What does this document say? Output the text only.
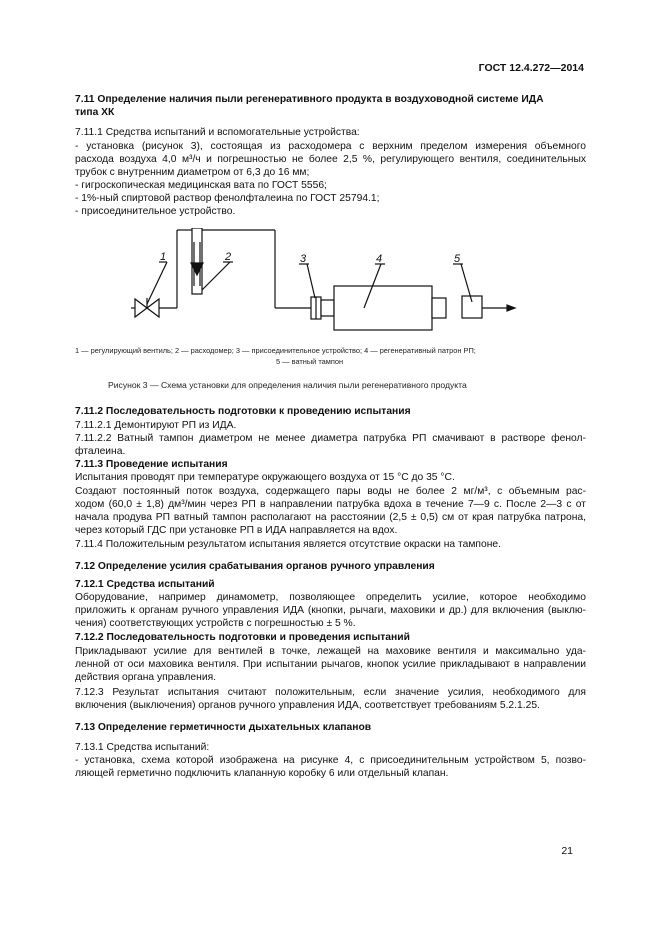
ГОСТ 12.4.272—2014
7.11 Определение наличия пыли регенеративного продукта в воздуховодной системе ИДА
типа ХК
7.11.1 Средства испытаний и вспомогательные устройства:
- установка (рисунок 3), состоящая из расходомера с верхним пределом измерения объемного
расхода воздуха 4,0 м³/ч и погрешностью не более 2,5 %, регулирующего вентиля, соединительных
трубок с внутренним диаметром от 6,3 до 16 мм;
- гигроскопическая медицинская вата по ГОСТ 5556;
- 1%-ный спиртовой раствор фенолфталеина по ГОСТ 25794.1;
- присоединительное устройство.
1	2	3	4	5
1 — регулирующий вентиль; 2 — расходомер; 3 — присоединительное устройство; 4 — регенеративный патрон РП;
5 — ватный тампон
Рисунок 3 — Схема установки для определения наличия пыли регенеративного продукта
7.11.2 Последовательность подготовки к проведению испытания
7.11.2.1 Демонтируют РП из ИДА.
7.11.2.2 Ватный тампон диаметром не менее диаметра патрубка РП смачивают в растворе фенол-
фталеина.
7.11.3 Проведение испытания
Испытания проводят при температуре окружающего воздуха от 15 °С до 35 °С.
Создают постоянный поток воздуха, содержащего пары воды не более 2 мг/м³, с объемным рас-
ходом (60,0 ± 1,8) дм³/мин через РП в направлении патрубка вдоха в течение 7—9 с. После 2—3 с от
начала продува РП ватный тампон располагают на расстоянии (2,5 ± 0,5) см от края патрубка патрона,
через который ГДС при установке РП в ИДА направляется на вдох.
7.11.4 Положительным результатом испытания является отсутствие окраски на тампоне.
7.12 Определение усилия срабатывания органов ручного управления
7.12.1 Средства испытаний
Оборудование, например динамометр, позволяющее определить усилие, которое необходимо
приложить к органам ручного управления ИДА (кнопки, рычаги, маховики и др.) для включения (выклю-
чения) соответствующих устройств с погрешностью ± 5 %.
7.12.2 Последовательность подготовки и проведения испытаний
Прикладывают усилие для вентилей в точке, лежащей на маховике вентиля и максимально уда-
ленной от оси маховика вентиля. При испытании рычагов, кнопок усилие прикладывают в направлении
действия органа управления.
7.12.3 Результат испытания считают положительным, если значение усилия, необходимого для
включения (выключения) органов ручного управления ИДА, соответствует требованиям 5.2.1.25.
7.13 Определение герметичности дыхательных клапанов
7.13.1 Средства испытаний:
- установка, схема которой изображена на рисунке 4, с присоединительным устройством 5, позво-
ляющей герметично подключить клапанную коробку 6 или отдельный клапан.
21
